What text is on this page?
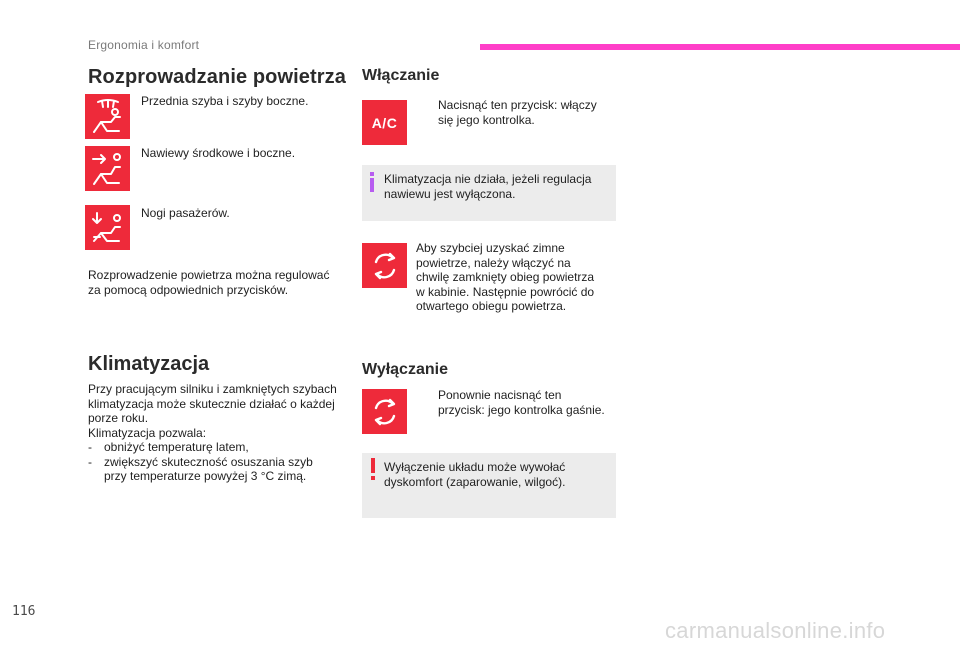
Ergonomia i komfort
Rozprowadzanie powietrza
Przednia szyba i szyby boczne.
Nawiewy środkowe i boczne.
Nogi pasażerów.
Rozprowadzenie powietrza można regulować
za pomocą odpowiednich przycisków.
Klimatyzacja
Przy pracującym silniku i zamkniętych szybach
klimatyzacja może skutecznie działać o każdej
porze roku.
Klimatyzacja pozwala:
-	obniżyć temperaturę latem,
-	zwiększyć skuteczność osuszania szyb
przy temperaturze powyżej 3 °C zimą.
Włączanie
A/C
Nacisnąć ten przycisk: włączy
się jego kontrolka.
Klimatyzacja nie działa, jeżeli regulacja
nawiewu jest wyłączona.
Aby szybciej uzyskać zimne
powietrze, należy włączyć na
chwilę zamknięty obieg powietrza
w kabinie. Następnie powrócić do
otwartego obiegu powietrza.
Wyłączanie
Ponownie nacisnąć ten
przycisk: jego kontrolka gaśnie.
Wyłączenie układu może wywołać
dyskomfort (zaparowanie, wilgoć).
116
carmanualsonline.info
